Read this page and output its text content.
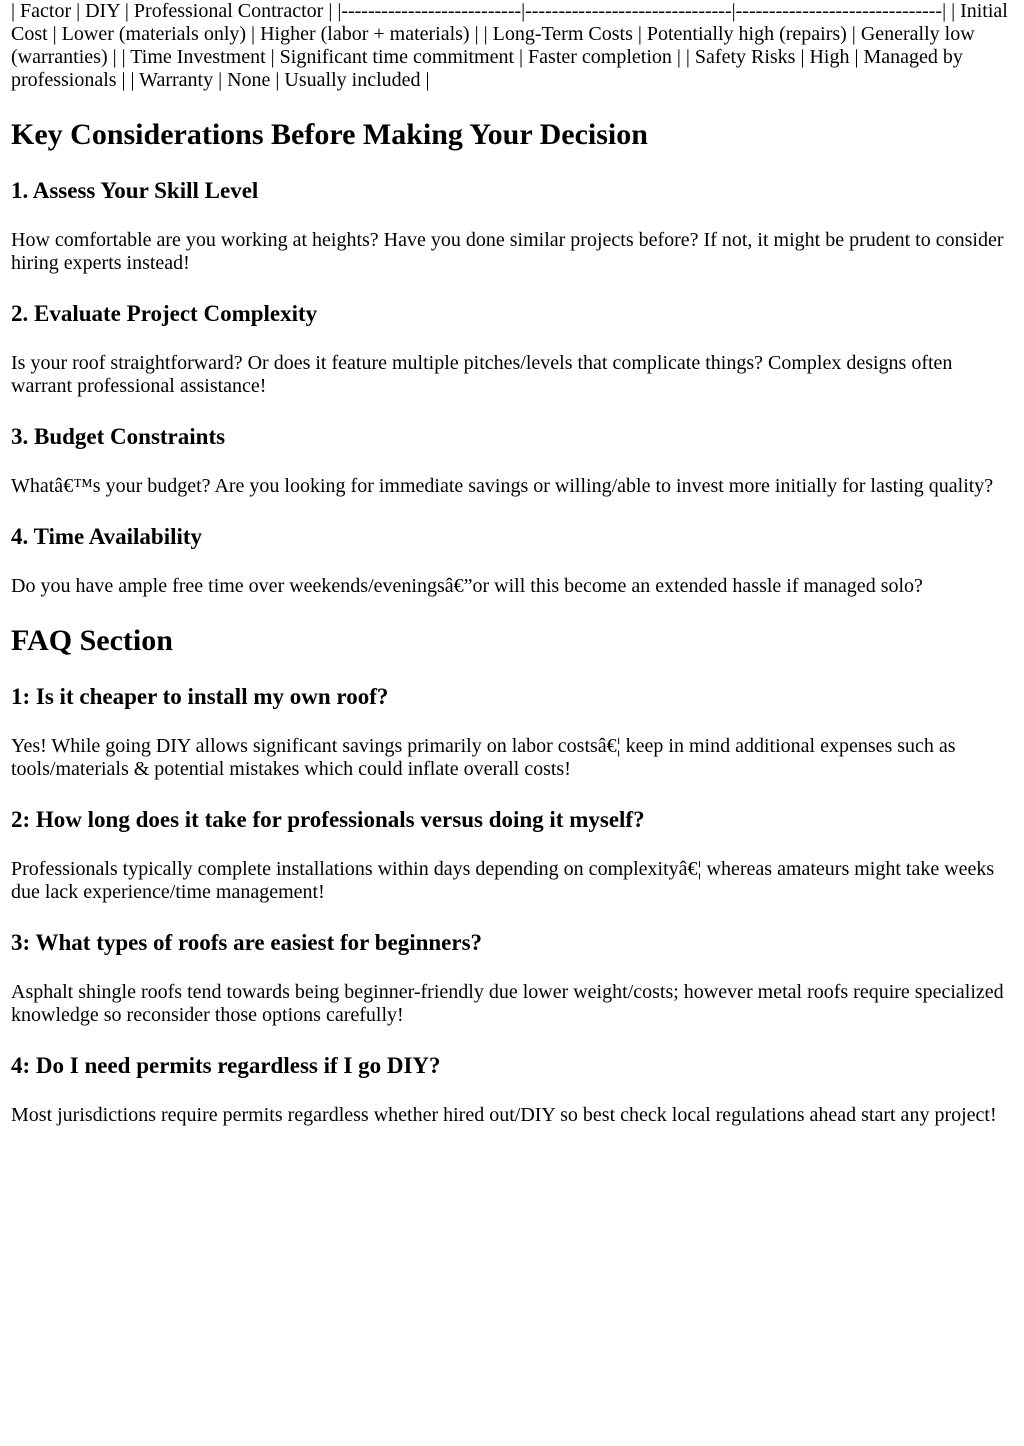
| Factor | DIY | Professional Contractor | |---------------------------|-------------------------------|-------------------------------| | Initial Cost | Lower (materials only) | Higher (labor + materials) | | Long-Term Costs | Potentially high (repairs) | Generally low (warranties) | | Time Investment | Significant time commitment | Faster completion | | Safety Risks | High | Managed by professionals | | Warranty | None | Usually included |

Key Considerations Before Making Your Decision
1. Assess Your Skill Level

How comfortable are you working at heights? Have you done similar projects before? If not, it might be prudent to consider hiring experts instead!

2. Evaluate Project Complexity

Is your roof straightforward? Or does it feature multiple pitches/levels that complicate things? Complex designs often warrant professional assistance!

3. Budget Constraints

Whatâ€™s your budget? Are you looking for immediate savings or willing/able to invest more initially for lasting quality?

4. Time Availability

Do you have ample free time over weekends/eveningsâ€”or will this become an extended hassle if managed solo?

FAQ Section
1: Is it cheaper to install my own roof?

Yes! While going DIY allows significant savings primarily on labor costsâ€¦ keep in mind additional expenses such as tools/materials & potential mistakes which could inflate overall costs!

2: How long does it take for professionals versus doing it myself?

Professionals typically complete installations within days depending on complexityâ€¦ whereas amateurs might take weeks due lack experience/time management!

3: What types of roofs are easiest for beginners?

Asphalt shingle roofs tend towards being beginner-friendly due lower weight/costs; however metal roofs require specialized knowledge so reconsider those options carefully!

4: Do I need permits regardless if I go DIY?

Most jurisdictions require permits regardless whether hired out/DIY so best check local regulations ahead start any project!
